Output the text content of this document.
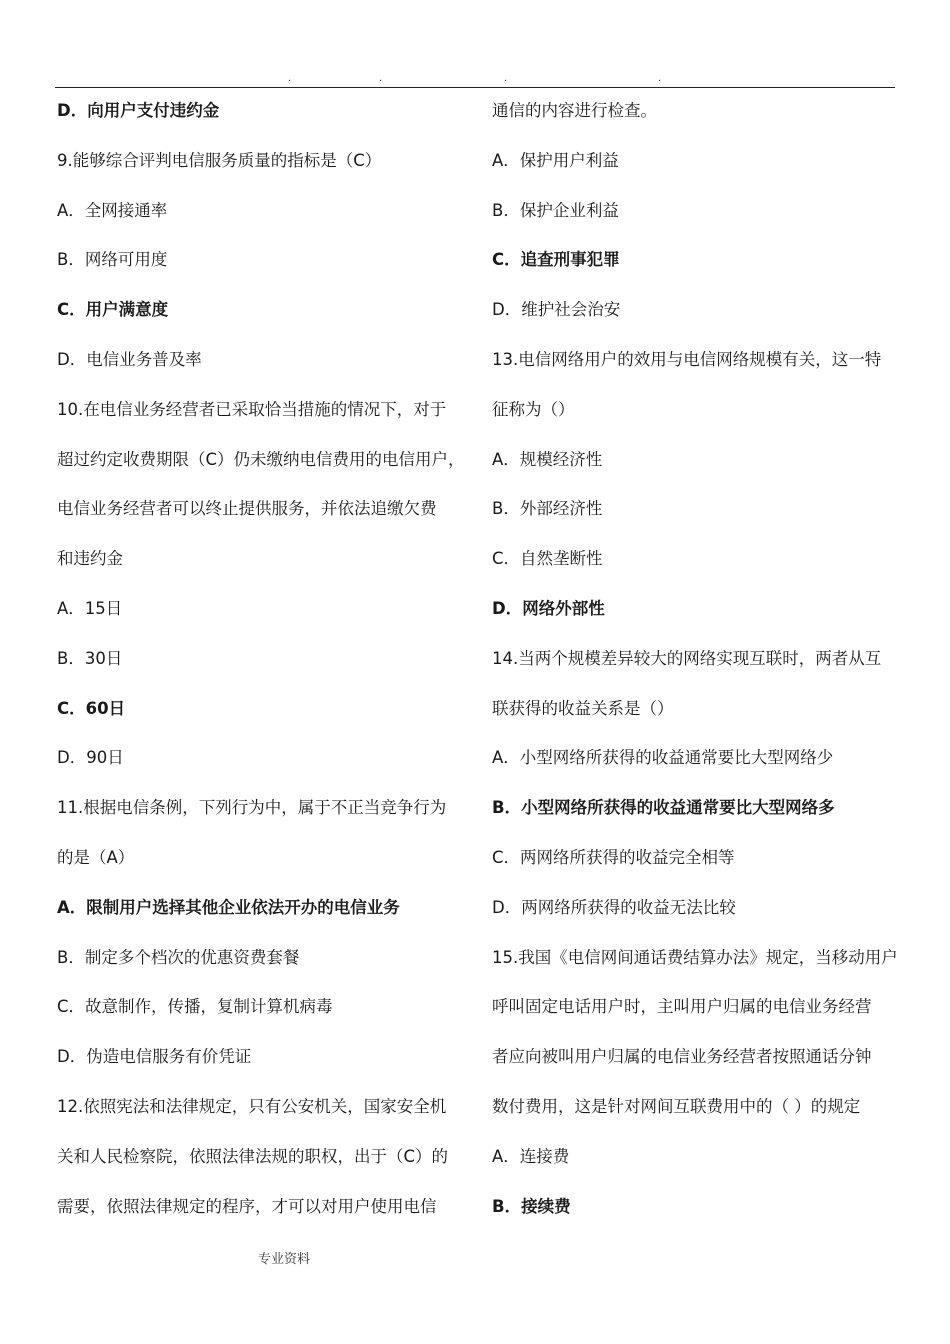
.	.	.	.
D．向用户支付违约金
9.能够综合评判电信服务质量的指标是（C）
A．全网接通率
B．网络可用度
C．用户满意度
D．电信业务普及率
10.在电信业务经营者已采取恰当措施的情况下，对于
超过约定收费期限（C）仍未缴纳电信费用的电信用户，
电信业务经营者可以终止提供服务，并依法追缴欠费
和违约金
A．15日
B．30日
C．60日
D．90日
11.根据电信条例，下列行为中，属于不正当竞争行为
的是（A）
A．限制用户选择其他企业依法开办的电信业务
B．制定多个档次的优惠资费套餐
C．故意制作，传播，复制计算机病毒
D．伪造电信服务有价凭证
12.依照宪法和法律规定，只有公安机关，国家安全机
关和人民检察院，依照法律法规的职权，出于（C）的
需要，依照法律规定的程序，才可以对用户使用电信
通信的内容进行检查。
A．保护用户利益
B．保护企业利益
C．追查刑事犯罪
D．维护社会治安
13.电信网络用户的效用与电信网络规模有关，这一特
征称为（）
A．规模经济性
B．外部经济性
C．自然垄断性
D．网络外部性
14.当两个规模差异较大的网络实现互联时，两者从互
联获得的收益关系是（）
A．小型网络所获得的收益通常要比大型网络少
B．小型网络所获得的收益通常要比大型网络多
C．两网络所获得的收益完全相等
D．两网络所获得的收益无法比较
15.我国《电信网间通话费结算办法》规定，当移动用户
呼叫固定电话用户时，主叫用户归属的电信业务经营
者应向被叫用户归属的电信业务经营者按照通话分钟
数付费用，这是针对网间互联费用中的（ ）的规定
A．连接费
B．接续费
专业资料
